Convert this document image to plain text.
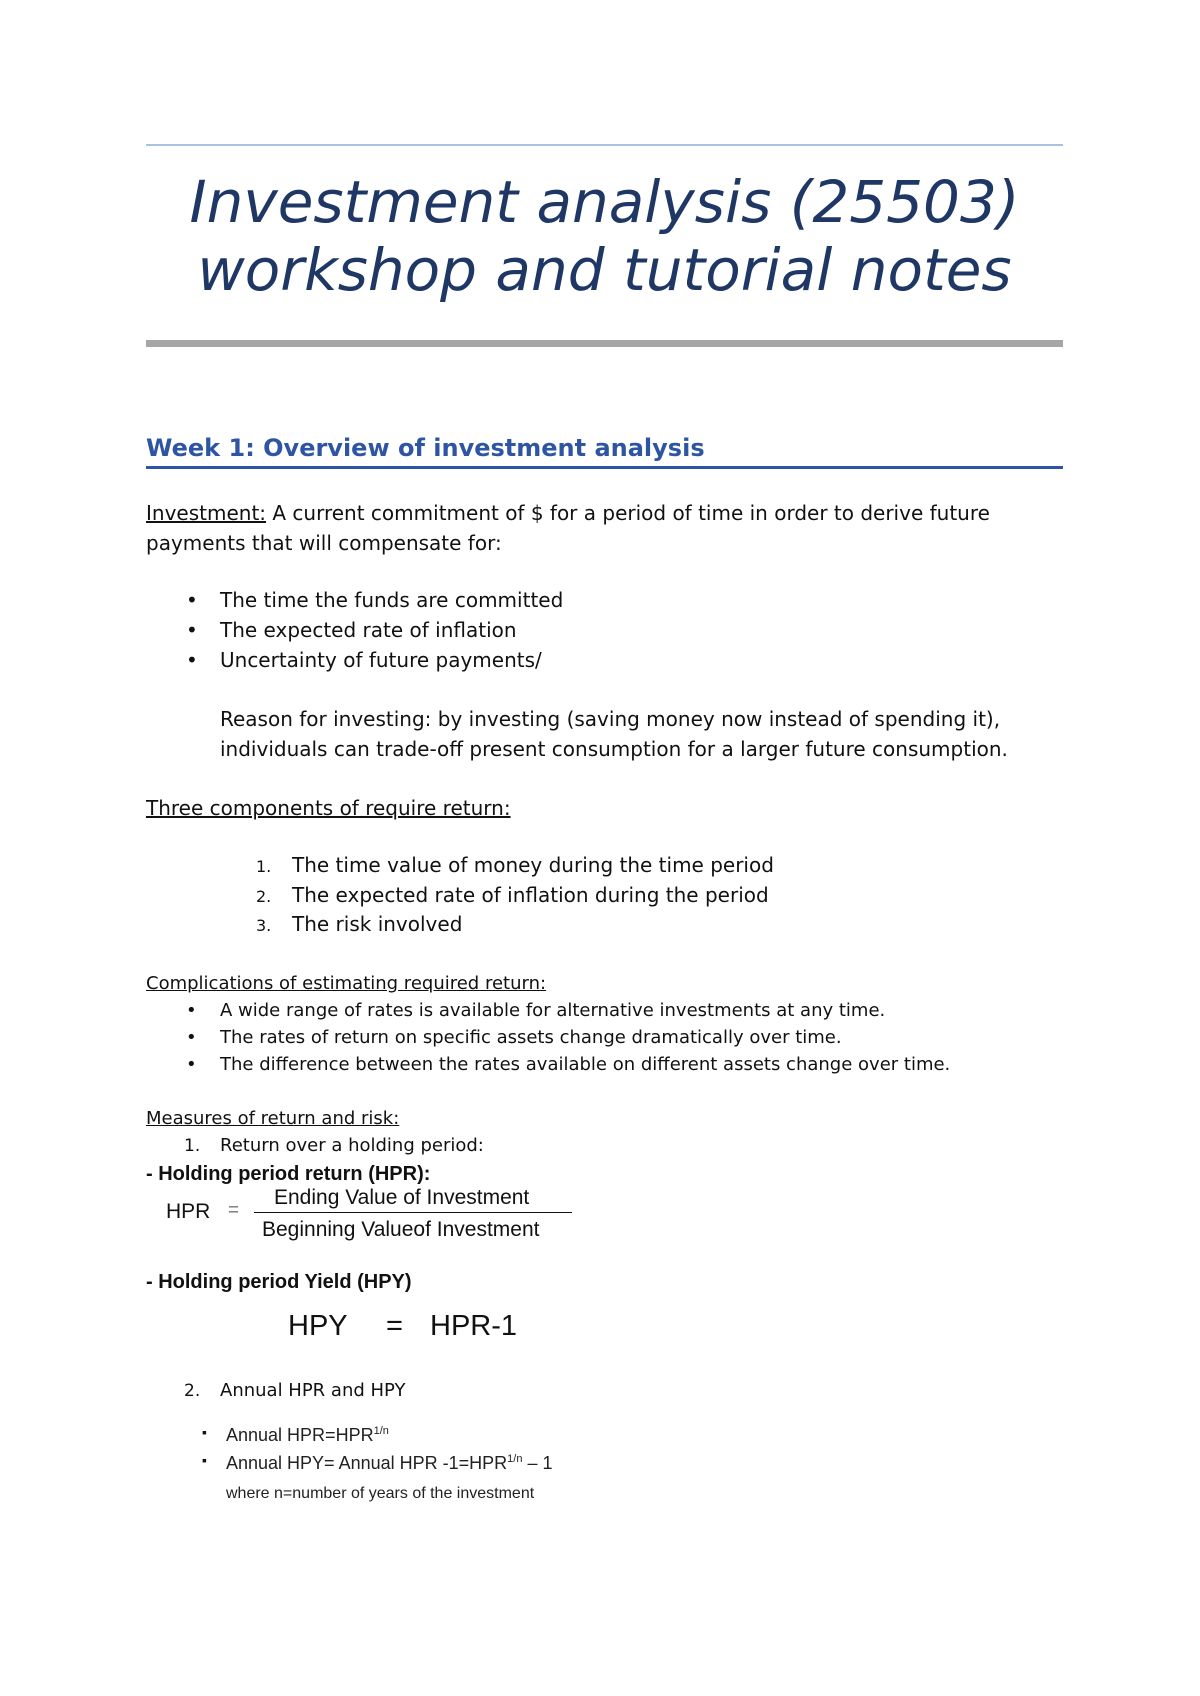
Investment analysis (25503)
workshop and tutorial notes
Week 1: Overview of investment analysis
Investment: A current commitment of $ for a period of time in order to derive future
payments that will compensate for:
• The time the funds are committed
• The expected rate of inflation
• Uncertainty of future payments/
Reason for investing: by investing (saving money now instead of spending it),
individuals can trade-off present consumption for a larger future consumption.
Three components of require return:
1. The time value of money during the time period
2. The expected rate of inflation during the period
3. The risk involved
Complications of estimating required return:
• A wide range of rates is available for alternative investments at any time.
• The rates of return on specific assets change dramatically over time.
• The difference between the rates available on different assets change over time.
Measures of return and risk:
1. Return over a holding period:
- Holding period return (HPR):
HPR =
Ending Value of Investment
Beginning Valueof Investment
- Holding period Yield (HPY)
HPY = HPR-1
2. Annual HPR and HPY
▪ Annual $HPR=HPR^{1/n}$
▪ Annual HPY= Annual HPR $-1=HPR^{1/n} - 1$
where n=number of years of the investment
